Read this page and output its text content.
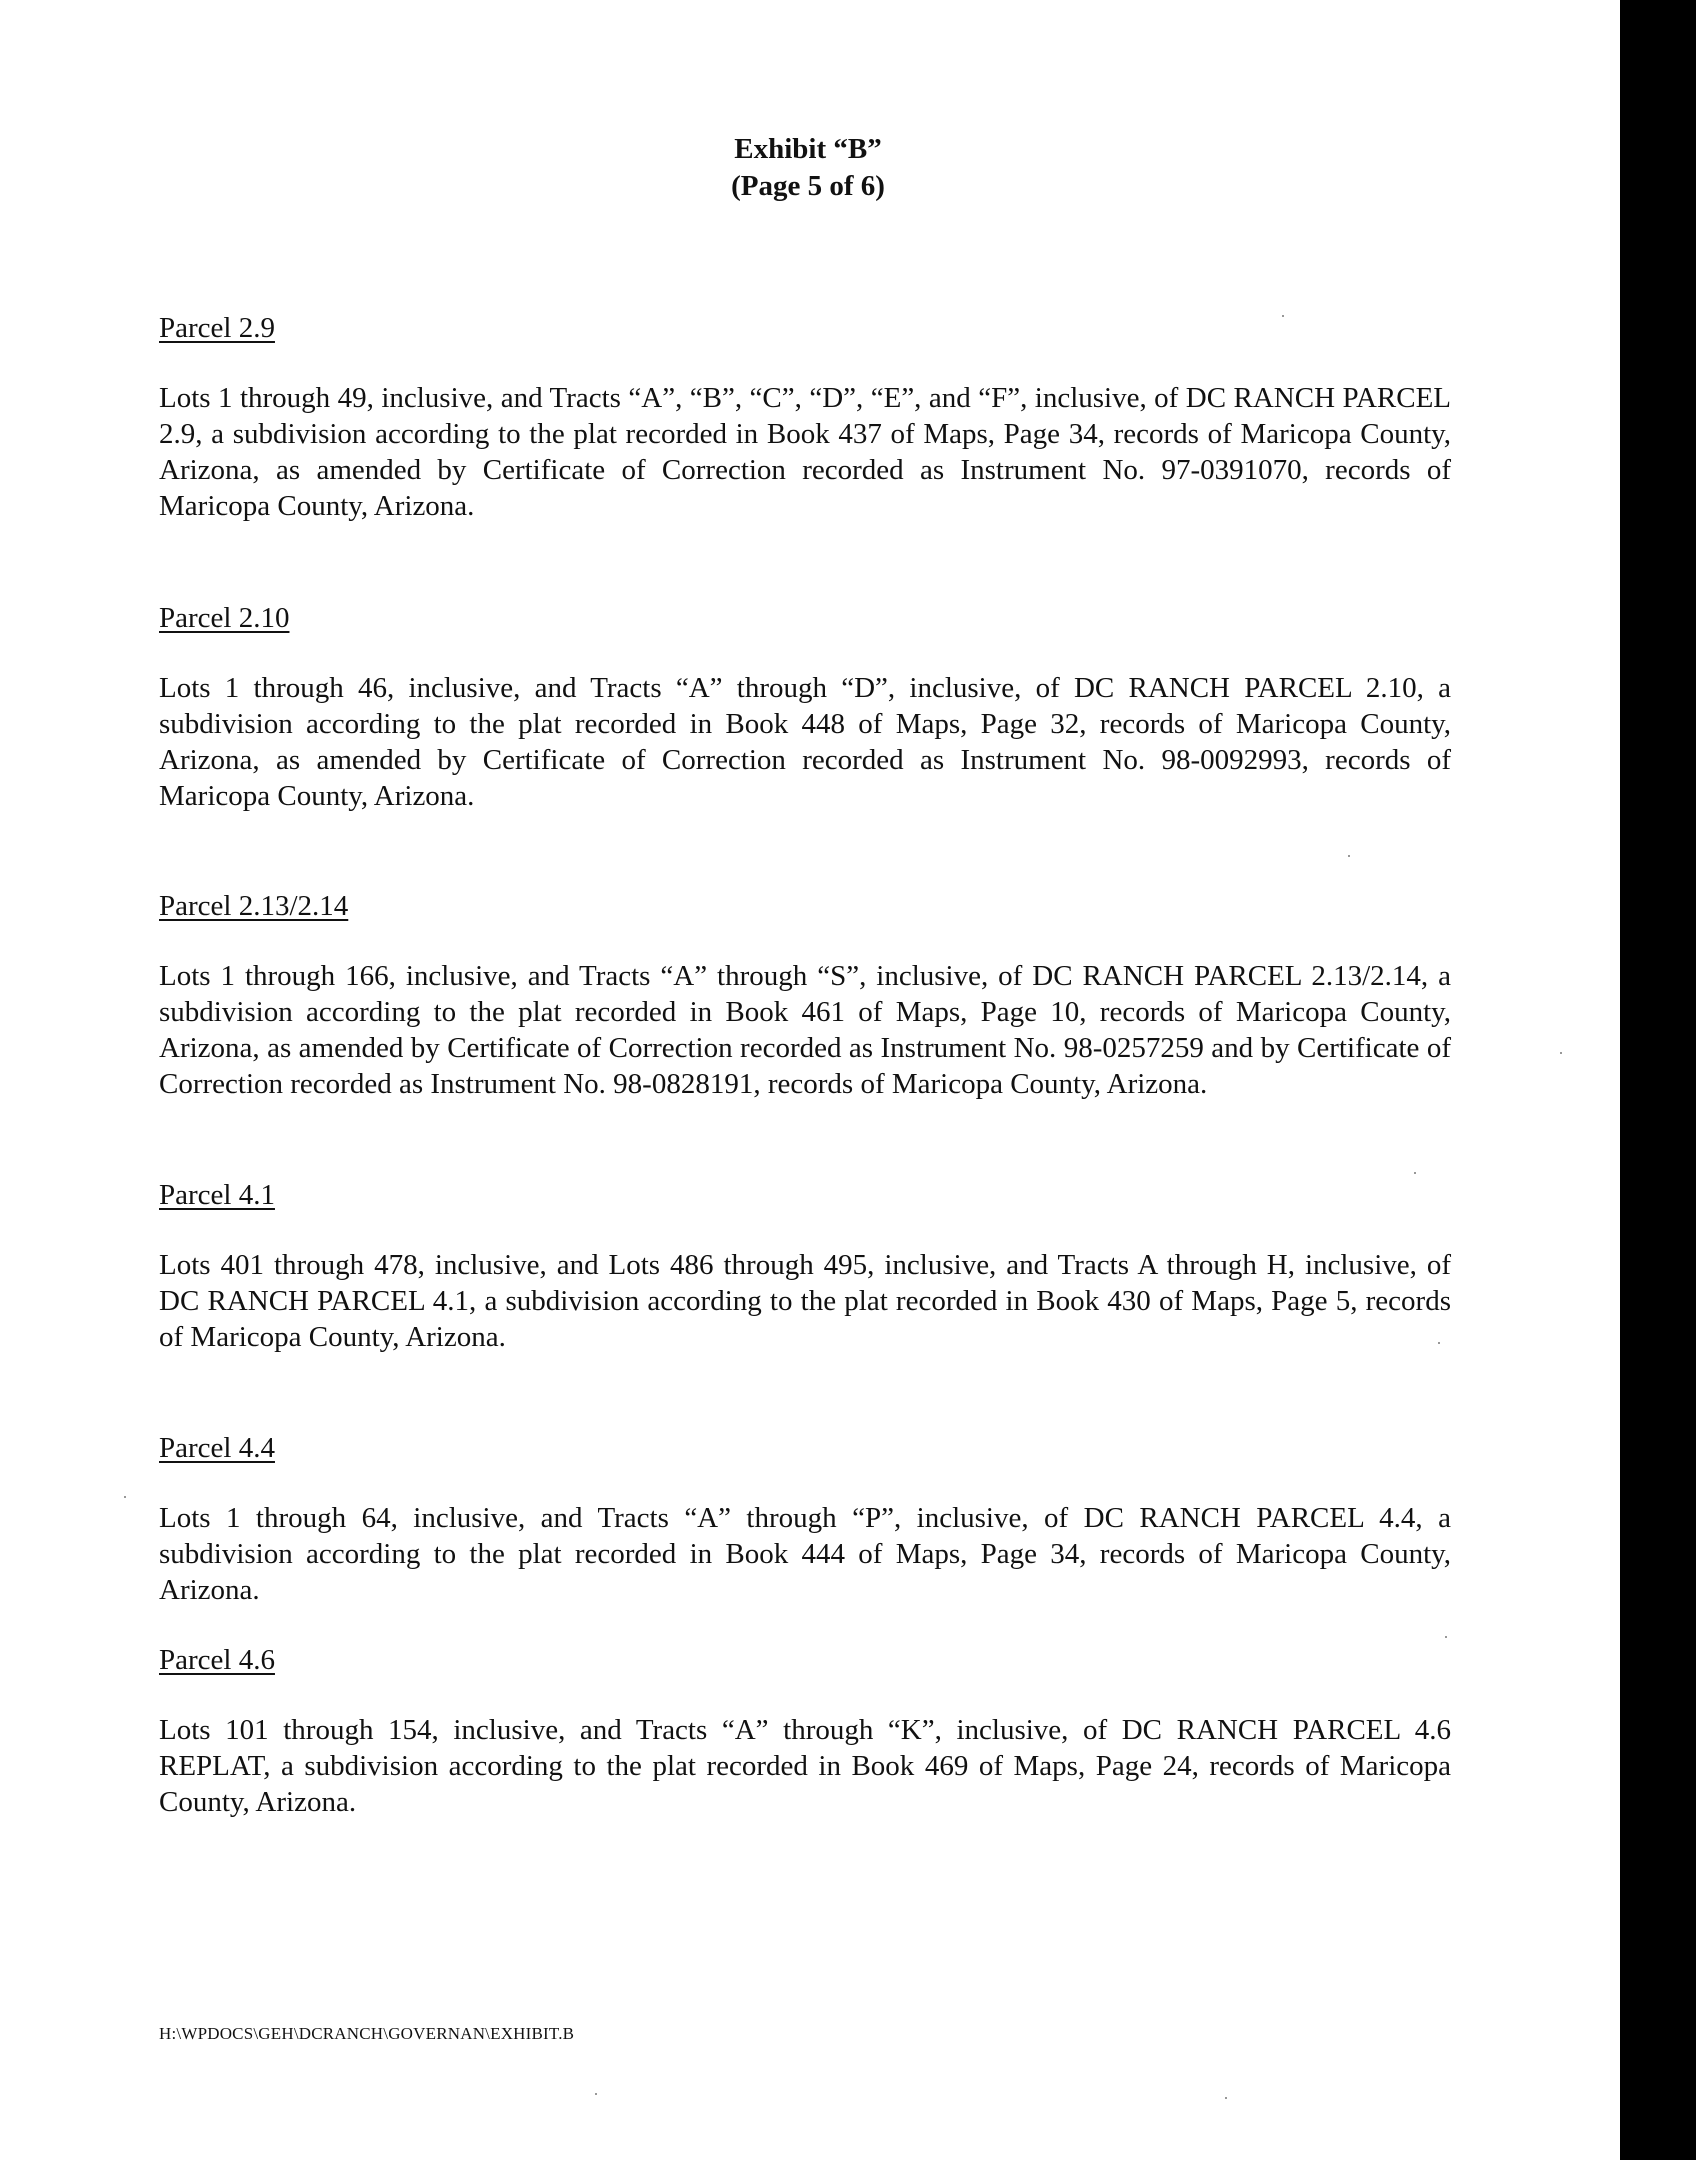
Exhibit “B”
(Page 5 of 6)
Parcel 2.9
Lots 1 through 49, inclusive, and Tracts “A”, “B”, “C”, “D”, “E”, and “F”, inclusive, of DC RANCH PARCEL 2.9, a subdivision according to the plat recorded in Book 437 of Maps, Page 34, records of Maricopa County, Arizona, as amended by Certificate of Correction recorded as Instrument No. 97-0391070, records of Maricopa County, Arizona.
Parcel 2.10
Lots 1 through 46, inclusive, and Tracts “A” through “D”, inclusive, of DC RANCH PARCEL 2.10, a subdivision according to the plat recorded in Book 448 of Maps, Page 32, records of Maricopa County, Arizona, as amended by Certificate of Correction recorded as Instrument No. 98-0092993, records of Maricopa County, Arizona.
Parcel 2.13/2.14
Lots 1 through 166, inclusive, and Tracts “A” through “S”, inclusive, of DC RANCH PARCEL 2.13/2.14, a subdivision according to the plat recorded in Book 461 of Maps, Page 10, records of Maricopa County, Arizona, as amended by Certificate of Correction recorded as Instrument No. 98-0257259 and by Certificate of Correction recorded as Instrument No. 98-0828191, records of Maricopa County, Arizona.
Parcel 4.1
Lots 401 through 478, inclusive, and Lots 486 through 495, inclusive, and Tracts A through H, inclusive, of DC RANCH PARCEL 4.1, a subdivision according to the plat recorded in Book 430 of Maps, Page 5, records of Maricopa County, Arizona.
Parcel 4.4
Lots 1 through 64, inclusive, and Tracts “A” through “P”, inclusive, of DC RANCH PARCEL 4.4, a subdivision according to the plat recorded in Book 444 of Maps, Page 34, records of Maricopa County, Arizona.
Parcel 4.6
Lots 101 through 154, inclusive, and Tracts “A” through “K”, inclusive, of DC RANCH PARCEL 4.6 REPLAT, a subdivision according to the plat recorded in Book 469 of Maps, Page 24, records of Maricopa County, Arizona.
H:\WPDOCS\GEH\DCRANCH\GOVERNAN\EXHIBIT.B
